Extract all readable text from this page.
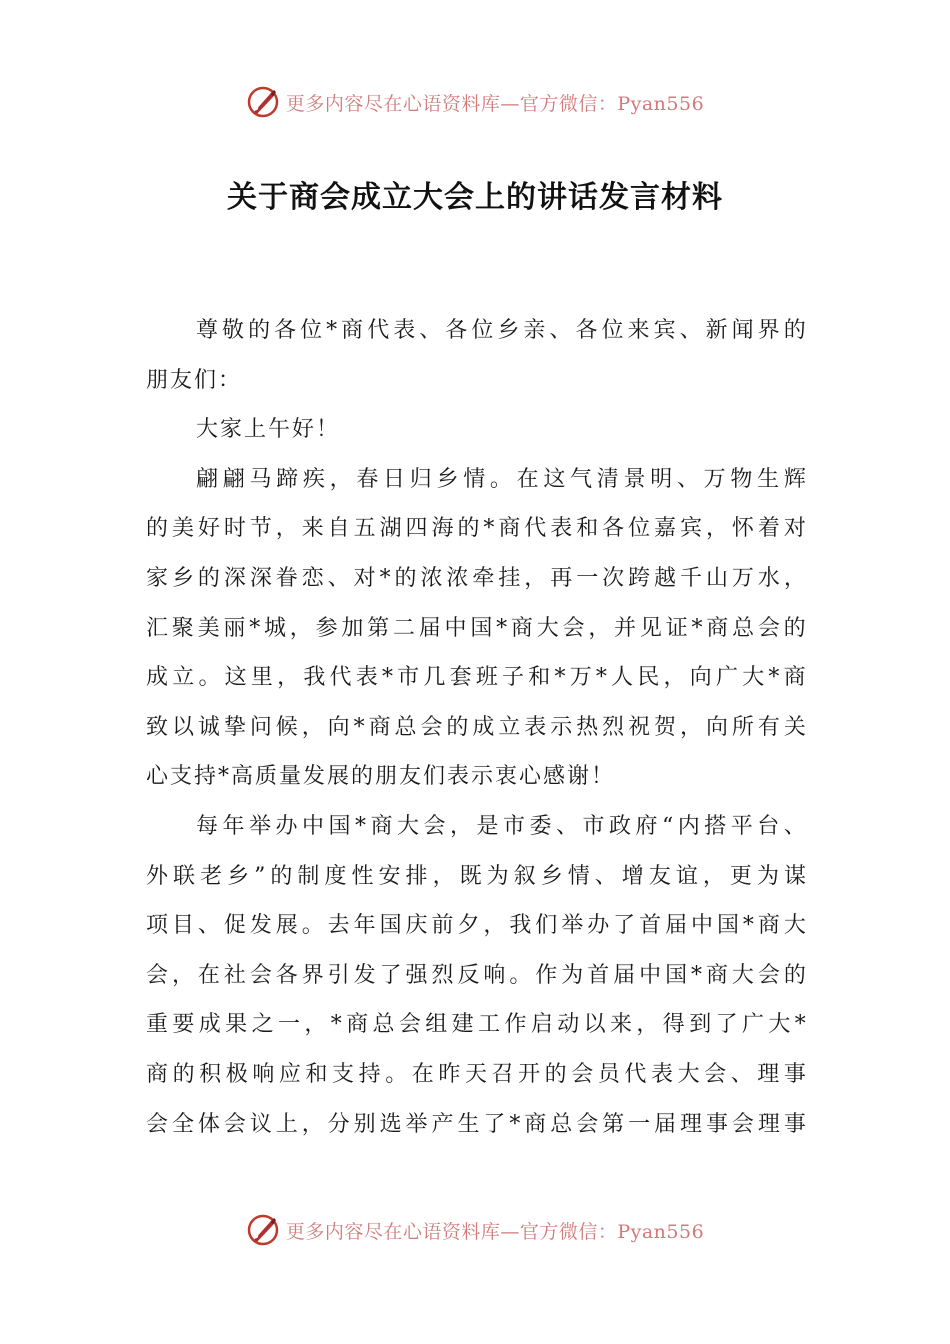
更多内容尽在心语资料库—官方微信：Pyan556
关于商会成立大会上的讲话发言材料
尊 敬 的 各 位 * 商 代 表 、 各 位 乡 亲 、 各 位 来 宾 、 新 闻 界 的
朋友们：
大家上午好！
翩 翩 马 蹄 疾 ， 春 日 归 乡 情 。 在 这 气 清 景 明 、 万 物 生 辉
的 美 好 时 节 ， 来 自 五 湖 四 海 的 * 商 代 表 和 各 位 嘉 宾 ， 怀 着 对
家 乡 的 深 深 眷 恋 、 对 * 的 浓 浓 牵 挂 ， 再 一 次 跨 越 千 山 万 水 ，
汇 聚 美 丽 * 城 ， 参 加 第 二 届 中 国 * 商 大 会 ， 并 见 证 * 商 总 会 的
成 立 。 这 里 ， 我 代 表 * 市 几 套 班 子 和 * 万 * 人 民 ， 向 广 大 * 商
致 以 诚 挚 问 候 ， 向 * 商 总 会 的 成 立 表 示 热 烈 祝 贺 ， 向 所 有 关
心支持*高质量发展的朋友们表示衷心感谢！
每 年 举 办 中 国 * 商 大 会 ， 是 市 委 、 市 政 府 “ 内 搭 平 台 、
外 联 老 乡 ” 的 制 度 性 安 排 ， 既 为 叙 乡 情 、 增 友 谊 ， 更 为 谋
项 目 、 促 发 展 。 去 年 国 庆 前 夕 ， 我 们 举 办 了 首 届 中 国 * 商 大
会 ， 在 社 会 各 界 引 发 了 强 烈 反 响 。 作 为 首 届 中 国 * 商 大 会 的
重 要 成 果 之 一 ， * 商 总 会 组 建 工 作 启 动 以 来 ， 得 到 了 广 大 *
商 的 积 极 响 应 和 支 持 。 在 昨 天 召 开 的 会 员 代 表 大 会 、 理 事
会 全 体 会 议 上 ， 分 别 选 举 产 生 了 * 商 总 会 第 一 届 理 事 会 理 事
更多内容尽在心语资料库—官方微信：Pyan556
